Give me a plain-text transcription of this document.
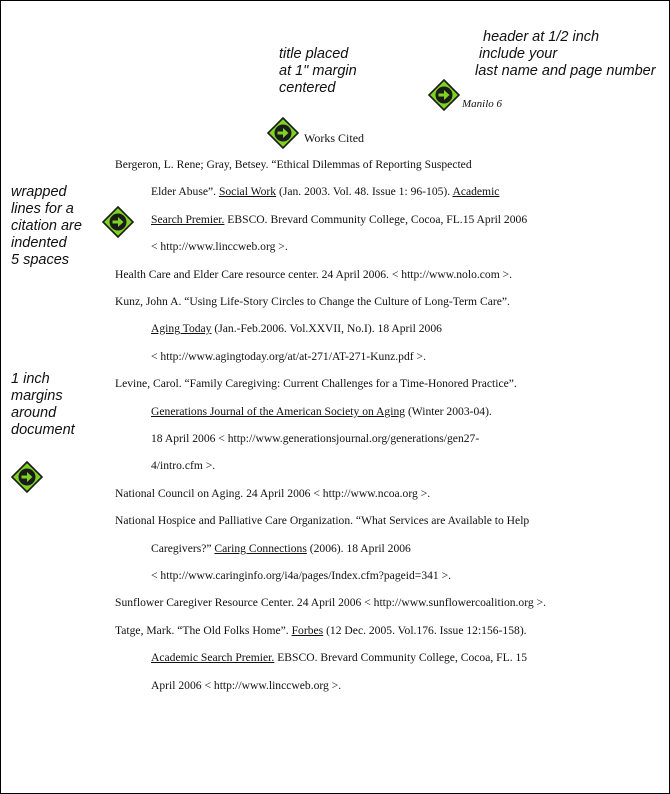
header at 1/2 inch
include your
last name and page number
title placed
at 1" margin
centered
wrapped
lines for a
citation are
indented
5 spaces
1 inch
margins
around
document
Manilo 6
Works Cited
Bergeron, L. Rene; Gray, Betsey. “Ethical Dilemmas of Reporting Suspected
Elder Abuse”. Social Work (Jan. 2003. Vol. 48. Issue 1: 96-105). Academic
Search Premier. EBSCO. Brevard Community College, Cocoa, FL.15 April 2006
< http://www.linccweb.org >.
Health Care and Elder Care resource center. 24 April 2006. < http://www.nolo.com >.
Kunz, John A. “Using Life-Story Circles to Change the Culture of Long-Term Care”.
Aging Today (Jan.-Feb.2006. Vol.XXVII, No.I). 18 April 2006
< http://www.agingtoday.org/at/at-271/AT-271-Kunz.pdf >.
Levine, Carol. “Family Caregiving: Current Challenges for a Time-Honored Practice”.
Generations Journal of the American Society on Aging (Winter 2003-04).
18 April 2006 < http://www.generationsjournal.org/generations/gen27-
4/intro.cfm >.
National Council on Aging. 24 April 2006 < http://www.ncoa.org >.
National Hospice and Palliative Care Organization. “What Services are Available to Help
Caregivers?” Caring Connections (2006). 18 April 2006
< http://www.caringinfo.org/i4a/pages/Index.cfm?pageid=341 >.
Sunflower Caregiver Resource Center. 24 April 2006 < http://www.sunflowercoalition.org >.
Tatge, Mark. “The Old Folks Home”. Forbes (12 Dec. 2005. Vol.176. Issue 12:156-158).
Academic Search Premier. EBSCO. Brevard Community College, Cocoa, FL. 15
April 2006 < http://www.linccweb.org >.
